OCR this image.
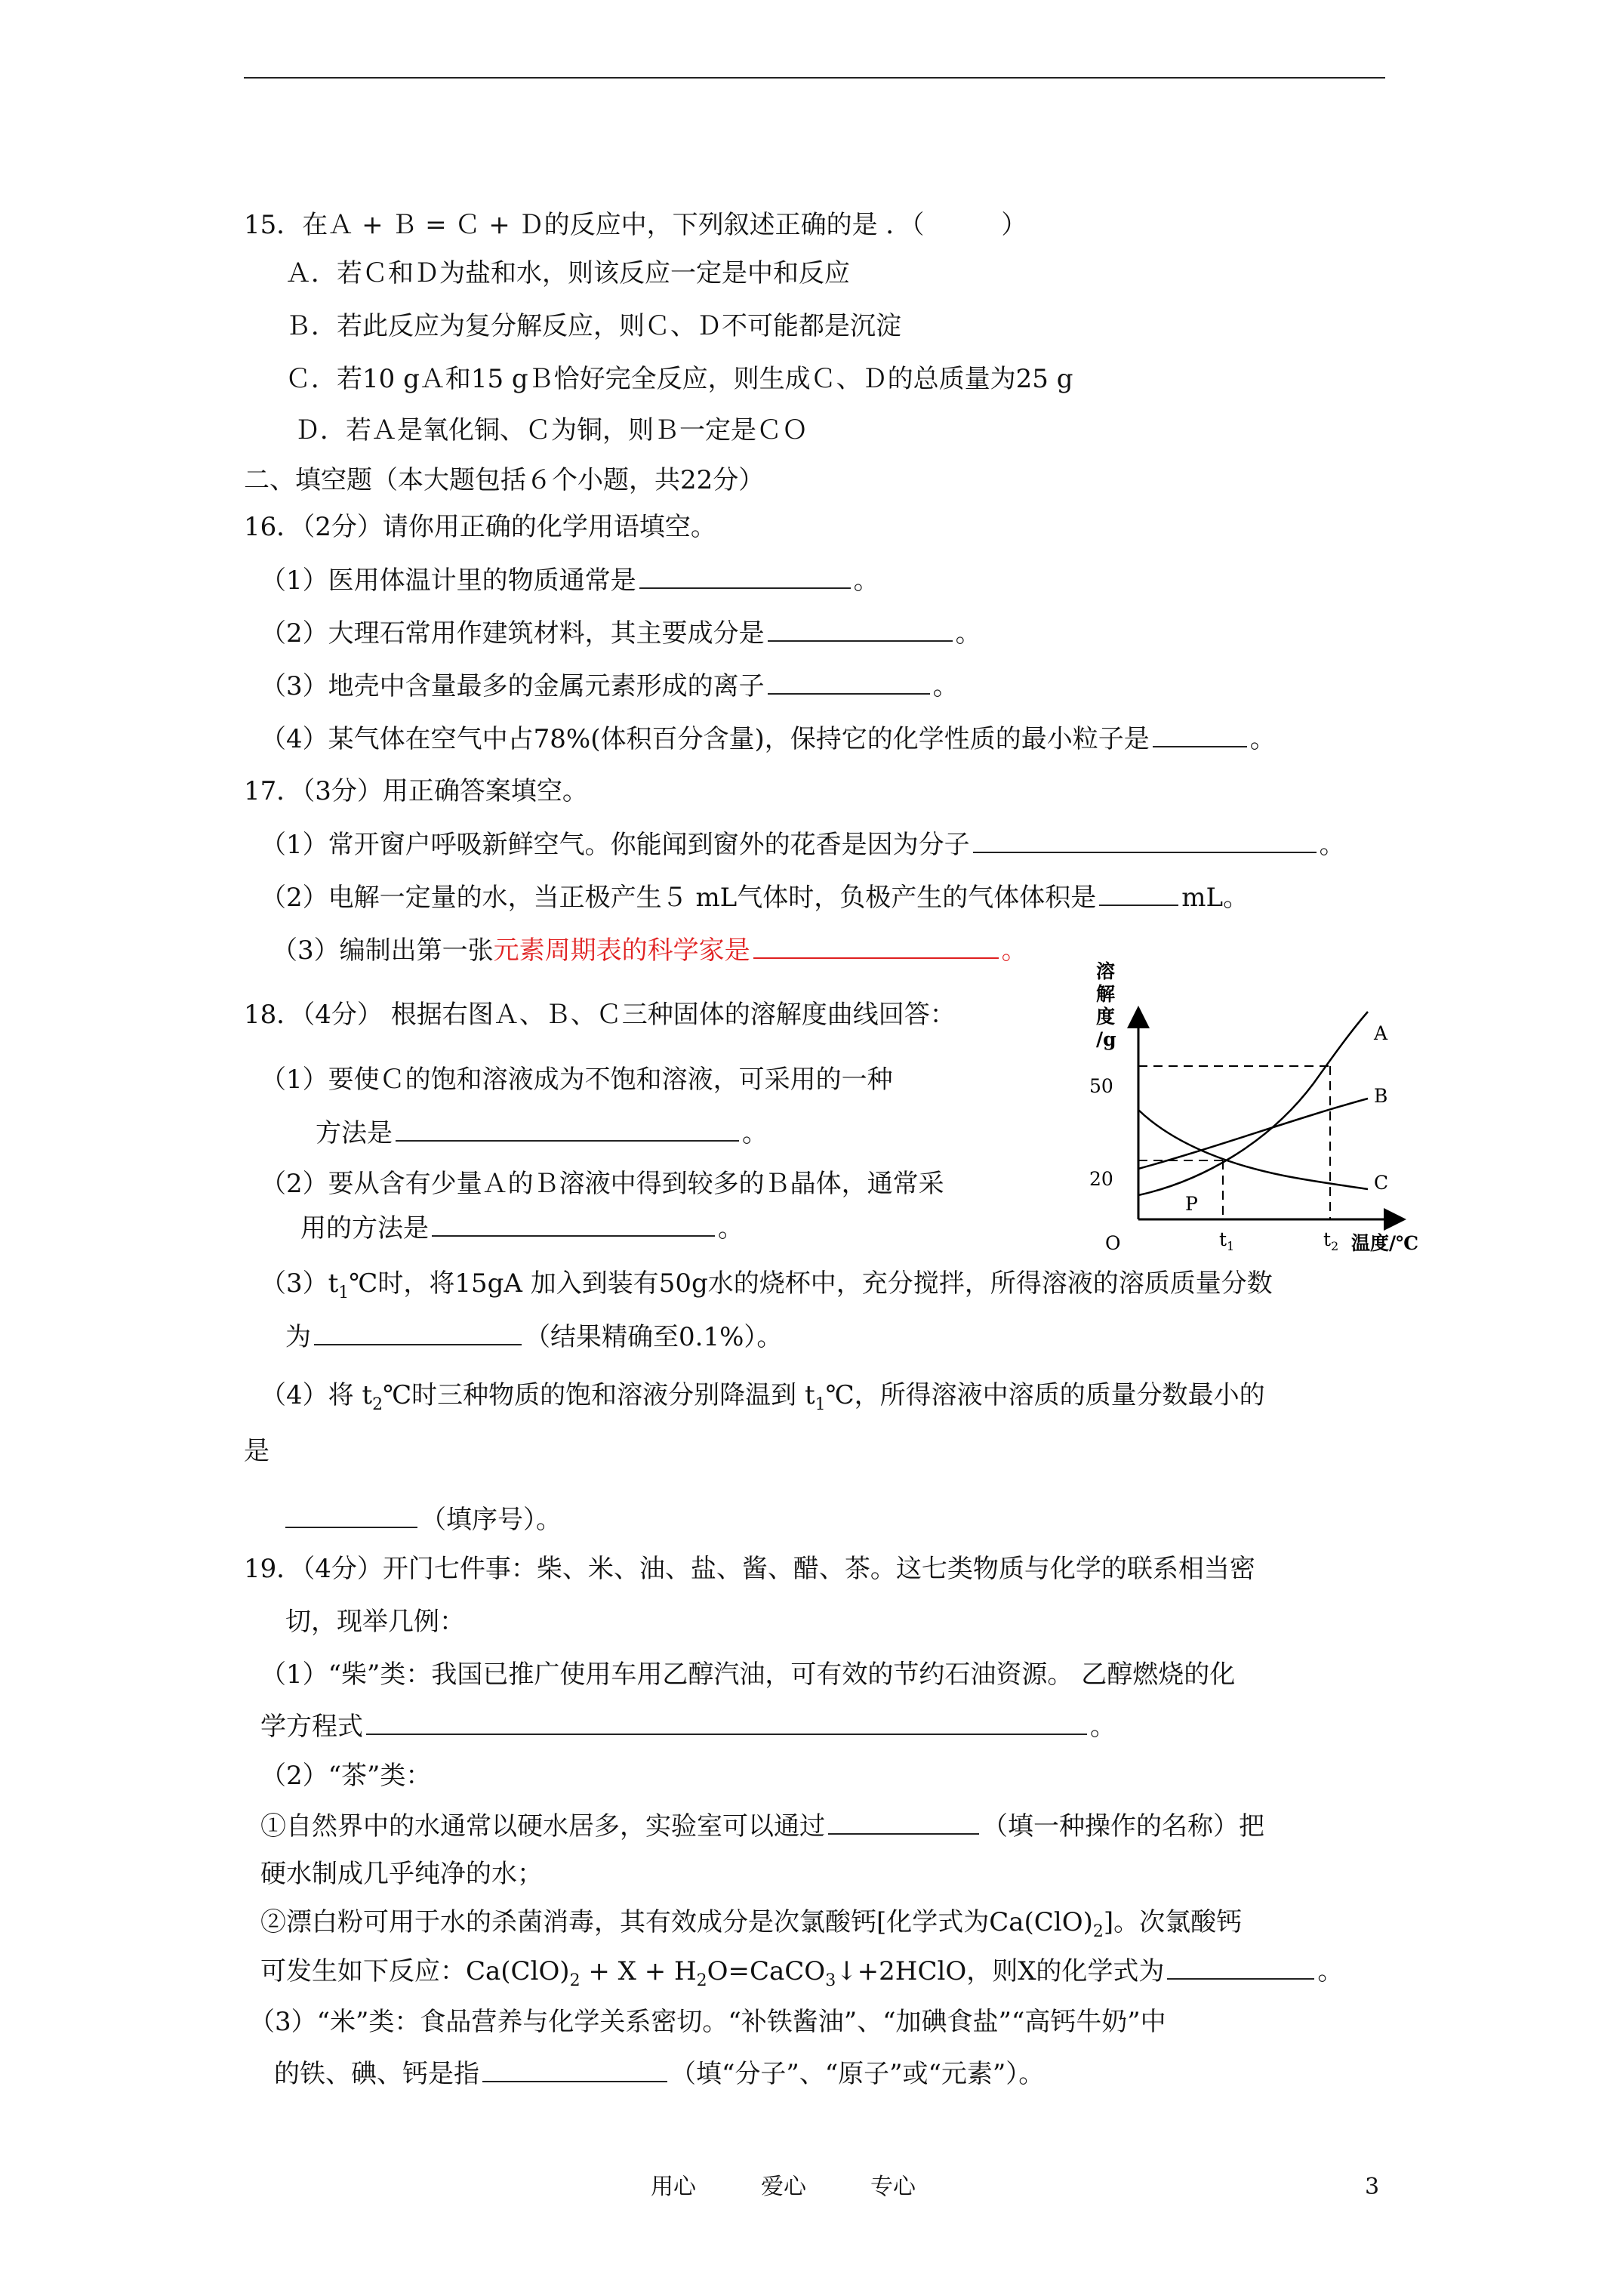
15．在Ａ + Ｂ = Ｃ + Ｄ的反应中，下列叙述正确的是 ．（　　　）
Ａ．若Ｃ和Ｄ为盐和水，则该反应一定是中和反应
Ｂ．若此反应为复分解反应，则Ｃ、Ｄ不可能都是沉淀
Ｃ．若10 gＡ和15 gＢ恰好完全反应，则生成Ｃ、Ｄ的总质量为25 g
Ｄ．若Ａ是氧化铜、Ｃ为铜，则Ｂ一定是ＣＯ
二、填空题（本大题包括６个小题，共22分）
16．（2分）请你用正确的化学用语填空。
（1）医用体温计里的物质通常是	。
（2）大理石常用作建筑材料，其主要成分是	。
（3）地壳中含量最多的金属元素形成的离子	。
（4）某气体在空气中占78%(体积百分含量)，保持它的化学性质的最小粒子是	。
17．（3分）用正确答案填空。
（1）常开窗户呼吸新鲜空气。你能闻到窗外的花香是因为分子	。
（2）电解一定量的水，当正极产生５ mL气体时，负极产生的气体体积是	mL。
（3）编制出第一张元素周期表的科学家是	。
18．（4分） 根据右图Ａ、Ｂ、Ｃ三种固体的溶解度曲线回答：
（1）要使Ｃ的饱和溶液成为不饱和溶液，可采用的一种
方法是	。
（2）要从含有少量Ａ的Ｂ溶液中得到较多的Ｂ晶体，通常采
用的方法是	。
$(3)t_1℃$时，将15gA 加入到装有50g水的烧杯中，充分搅拌，所得溶液的溶质质量分数
为	（结果精确至0.1%）。
（4）将 $t_2℃$时三种物质的饱和溶液分别降温到 $t_1℃$，所得溶液中溶质的质量分数最小的
是
（填序号）。
溶
解
度
/g
50
20
O	$t_1$	$t_2$ 温度/℃
A
B
C
P
19．（4分）开门七件事：柴、米、油、盐、酱、醋、茶。这七类物质与化学的联系相当密
切，现举几例：
（1）“柴”类：我国已推广使用车用乙醇汽油，可有效的节约石油资源。 乙醇燃烧的化
学方程式	。
（2）“茶”类：
①自然界中的水通常以硬水居多，实验室可以通过	（填一种操作的名称）把
硬水制成几乎纯净的水；
②漂白粉可用于水的杀菌消毒，其有效成分是次氯酸钙[化学式为$Ca(ClO)_2$]。次氯酸钙
可发生如下反应：$Ca(ClO)_2 + X$ + $H_2O=CaCO_3↓+2HClO$，则X的化学式为	。
（3）“米”类：食品营养与化学关系密切。“补铁酱油”、“加碘食盐”“高钙牛奶”中
的铁、碘、钙是指	（填“分子”、“原子”或“元素”）。
用心	爱心	专心	3
